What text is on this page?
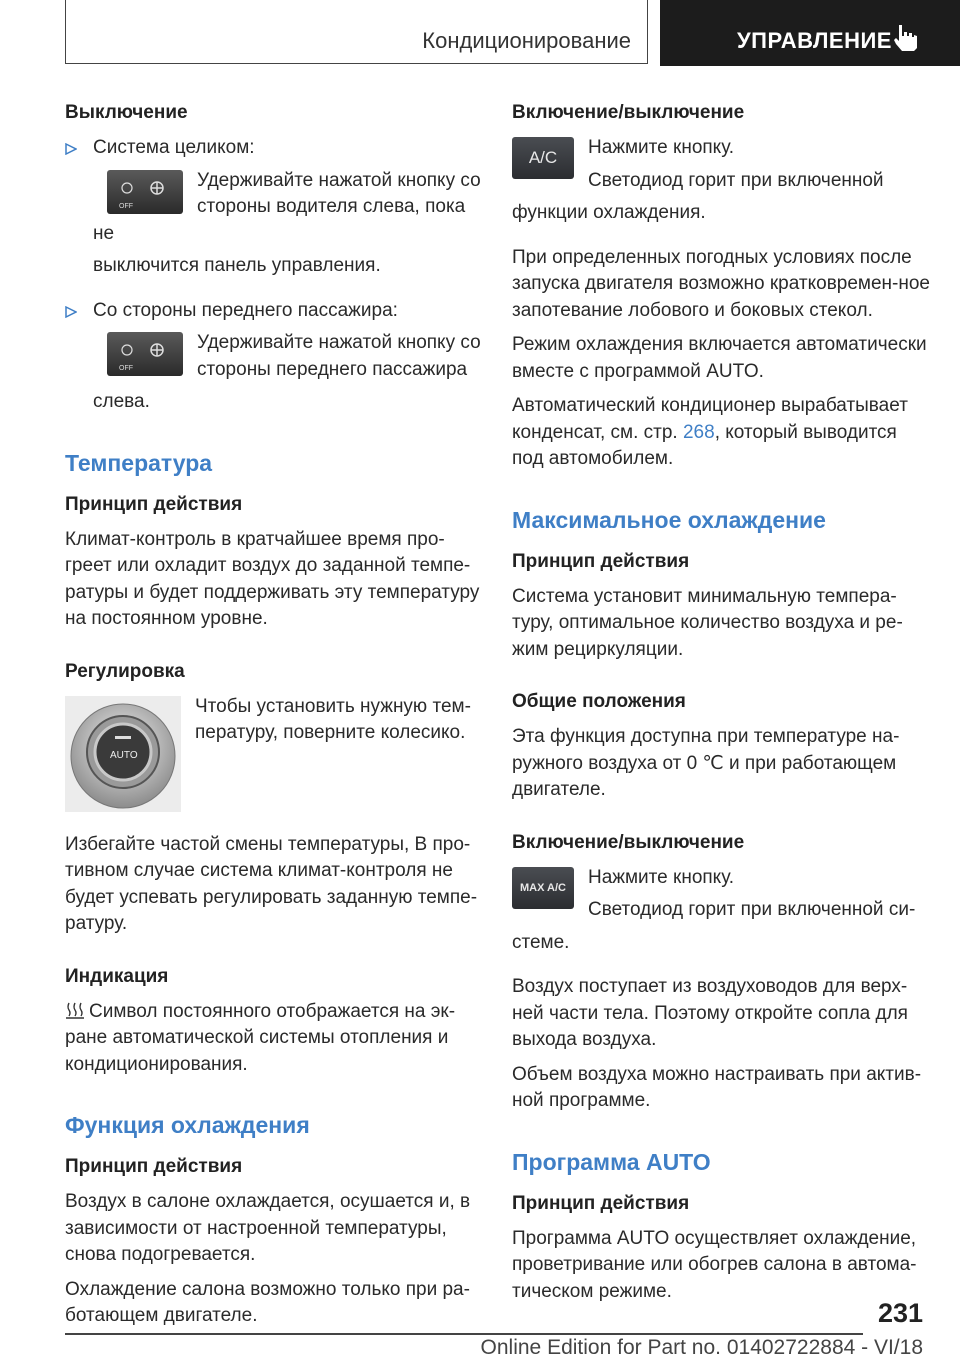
Кондиционирование	УПРАВЛЕНИЕ
Выключение
Система целиком:
OFF
Удерживайте нажатой кнопку со стороны водителя слева, пока не
выключится панель управления.
Со стороны переднего пассажира:
OFF
Удерживайте нажатой кнопку со стороны переднего пассажира
слева.
Температура
Принцип действия
Климат-контроль в кратчайшее время про-греет или охладит воздух до заданной темпе-ратуры и будет поддерживать эту температуру на постоянном уровне.
Регулировка
AUTO
Чтобы установить нужную тем-пературу, поверните колесико.
Избегайте частой смены температуры, В про-тивном случае система климат-контроля не будет успевать регулировать заданную темпе-ратуру.
Индикация
Символ постоянного отображается на эк-ране автоматической системы отопления и кондиционирования.
Функция охлаждения
Принцип действия
Воздух в салоне охлаждается, осушается и, в зависимости от настроенной температуры, снова подогревается.
Охлаждение салона возможно только при ра-ботающем двигателе.
Включение/выключение
A/C	Нажмите кнопку.
Светодиод горит при включенной
функции охлаждения.
При определенных погодных условиях после запуска двигателя возможно кратковремен-ное запотевание лобового и боковых стекол.
Режим охлаждения включается автоматически вместе с программой AUTO.
Автоматический кондиционер вырабатывает конденсат, см. стр. 268, который выводится под автомобилем.
Максимальное охлаждение
Принцип действия
Система установит минимальную темпера-туру, оптимальное количество воздуха и ре-жим рециркуляции.
Общие положения
Эта функция доступна при температуре на-ружного воздуха от 0 ℃ и при работающем двигателе.
Включение/выключение
MAX A/C	Нажмите кнопку.
Светодиод горит при включенной си-
стеме.
Воздух поступает из воздуховодов для верх-ней части тела. Поэтому откройте сопла для выхода воздуха.
Объем воздуха можно настраивать при актив-ной программе.
Программа AUTO
Принцип действия
Программа AUTO осуществляет охлаждение, проветривание или обогрев салона в автома-тическом режиме.
231
Online Edition for Part no. 01402722884 - VI/18
